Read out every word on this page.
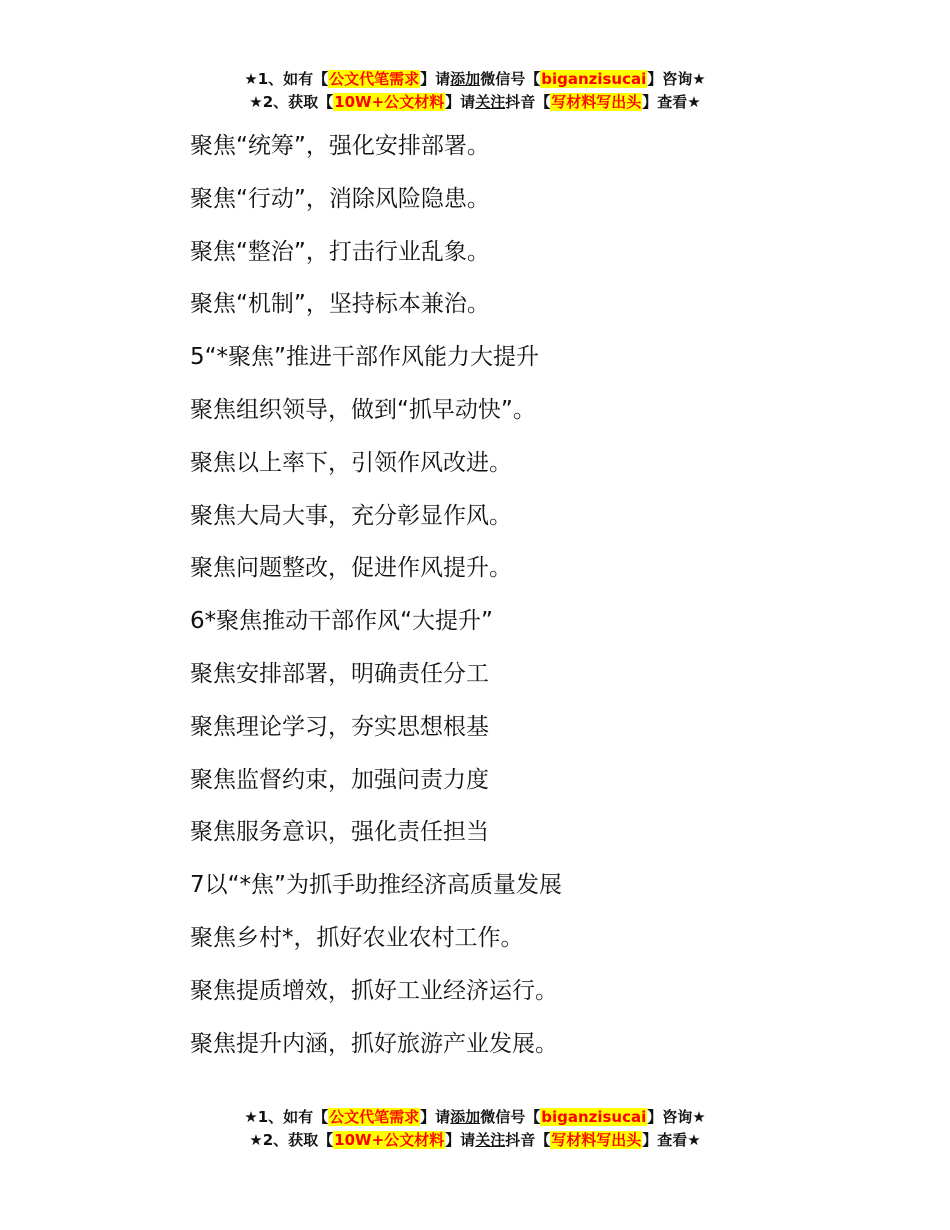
★1、如有【公文代笔需求】请添加微信号【biganzisucai】咨询★
★2、获取【10W+公文材料】请关注抖音【写材料写出头】查看★
聚焦“统筹”，强化安排部署。
聚焦“行动”，消除风险隐患。
聚焦“整治”，打击行业乱象。
聚焦“机制”，坚持标本兼治。
5“*聚焦”推进干部作风能力大提升
聚焦组织领导，做到“抓早动快”。
聚焦以上率下，引领作风改进。
聚焦大局大事，充分彰显作风。
聚焦问题整改，促进作风提升。
6*聚焦推动干部作风“大提升”
聚焦安排部署，明确责任分工
聚焦理论学习，夯实思想根基
聚焦监督约束，加强问责力度
聚焦服务意识，强化责任担当
7以“*焦”为抓手助推经济高质量发展
聚焦乡村*，抓好农业农村工作。
聚焦提质增效，抓好工业经济运行。
聚焦提升内涵，抓好旅游产业发展。
★1、如有【公文代笔需求】请添加微信号【biganzisucai】咨询★
★2、获取【10W+公文材料】请关注抖音【写材料写出头】查看★
